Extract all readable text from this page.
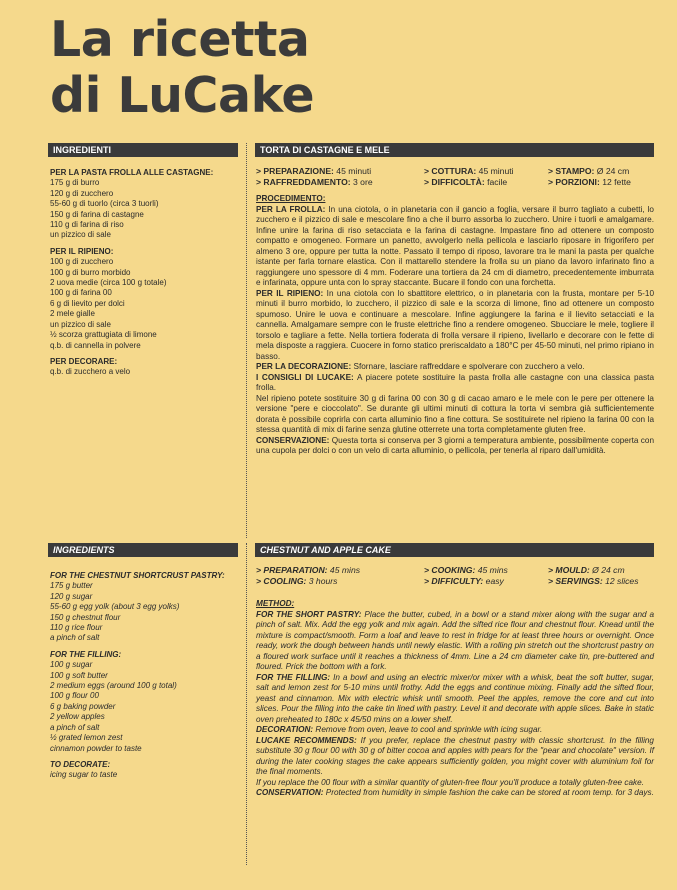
La ricetta
di LuCake
INGREDIENTI	TORTA DI CASTAGNE E MELE
PER LA PASTA FROLLA ALLE CASTAGNE:
175 g di burro
120 g di zucchero
55-60 g di tuorlo (circa 3 tuorli)
150 g di farina di castagne
110 g di farina di riso
un pizzico di sale
PER IL RIPIENO:
100 g di zucchero
100 g di burro morbido
2 uova medie (circa 100 g totale)
100 g di farina 00
6 g di lievito per dolci
2 mele gialle
un pizzico di sale
½ scorza grattugiata di limone
q.b. di cannella in polvere
PER DECORARE:
q.b. di zucchero a velo
> PREPARAZIONE: 45 minuti	> COTTURA: 45 minuti	> STAMPO: Ø 24 cm
> RAFFREDDAMENTO: 3 ore	> DIFFICOLTÀ: facile	> PORZIONI: 12 fette

PROCEDIMENTO:

PER LA FROLLA: In una ciotola, o in planetaria con il gancio a foglia, versare il burro tagliato a cubetti, lo zucchero e il pizzico di sale e mescolare fino a che il burro assorba lo zucchero. Unire i tuorli e amalgamare. Infine unire la farina di riso setacciata e la farina di castagne. Impastare fino ad ottenere un composto compatto e omogeneo. Formare un panetto, avvolgerlo nella pellicola e lasciarlo riposare in frigorifero per almeno 3 ore, oppure per tutta la notte. Passato il tempo di riposo, lavorare tra le mani la pasta per qualche istante per farla tornare elastica. Con il mattarello stendere la frolla su un piano da lavoro infarinato fino a raggiungere uno spessore di 4 mm. Foderare una tortiera da 24 cm di diametro, precedentemente imburrata e infarinata, oppure unta con lo spray staccante. Bucare il fondo con una forchetta.

PER IL RIPIENO: In una ciotola con lo sbattitore elettrico, o in planetaria con la frusta, montare per 5-10 minuti il burro morbido, lo zucchero, il pizzico di sale e la scorza di limone, fino ad ottenere un composto spumoso. Unire le uova e continuare a mescolare. Infine aggiungere la farina e il lievito setacciati e la cannella. Amalgamare sempre con le fruste elettriche fino a rendere omogeneo. Sbucciare le mele, togliere il torsolo e tagliare a fette. Nella tortiera foderata di frolla versare il ripieno, livellarlo e decorare con le fette di mela disposte a raggiera. Cuocere in forno statico preriscaldato a 180°C per 45-50 minuti, nel primo ripiano in basso.

PER LA DECORAZIONE: Sfornare, lasciare raffreddare e spolverare con zucchero a velo.

I CONSIGLI DI LUCAKE: A piacere potete sostituire la pasta frolla alle castagne con una classica pasta frolla.

Nel ripieno potete sostituire 30 g di farina 00 con 30 g di cacao amaro e le mele con le pere per ottenere la versione "pere e cioccolato". Se durante gli ultimi minuti di cottura la torta vi sembra già sufficientemente dorata è possibile coprirla con carta alluminio fino a fine cottura. Se sostituirete nel ripieno la farina 00 con la stessa quantità di mix di farine senza glutine otterrete una torta completamente gluten free.

CONSERVAZIONE: Questa torta si conserva per 3 giorni a temperatura ambiente, possibilmente coperta con una cupola per dolci o con un velo di carta alluminio, o pellicola, per tenerla al riparo dall'umidità.

INGREDIENTS	CHESTNUT AND APPLE CAKE
FOR THE CHESTNUT SHORTCRUST PASTRY:
175 g butter
120 g sugar
55-60 g egg yolk (about 3 egg yolks)
150 g chestnut flour
110 g rice flour
a pinch of salt
FOR THE FILLING:
100 g sugar
100 g soft butter
2 medium eggs (around 100 g total)
100 g flour 00
6 g baking powder
2 yellow apples
a pinch of salt
½ grated lemon zest
cinnamon powder to taste
TO DECORATE:
icing sugar to taste
> PREPARATION: 45 mins	> COOKING: 45 mins	> MOULD: Ø 24 cm
> COOLING: 3 hours	> DIFFICULTY: easy	> SERVINGS: 12 slices

METHOD:

FOR THE SHORT PASTRY: Place the butter, cubed, in a bowl or a stand mixer along with the sugar and a pinch of salt. Mix. Add the egg yolk and mix again. Add the sifted rice flour and chestnut flour. Knead until the mixture is compact/smooth. Form a loaf and leave to rest in fridge for at least three hours or overnight. Once ready, work the dough between hands until newly elastic. With a rolling pin stretch out the shortcrust pastry on a floured work surface until it reaches a thickness of 4mm. Line a 24 cm diameter cake tin, pre-buttered and floured. Prick the bottom with a fork.

FOR THE FILLING: In a bowl and using an electric mixer/or mixer with a whisk, beat the soft butter, sugar, salt and lemon zest for 5-10 mins until frothy. Add the eggs and continue mixing. Finally add the sifted flour, yeast and cinnamon. Mix with electric whisk until smooth. Peel the apples, remove the core and cut into slices. Pour the filling into the cake tin lined with pastry. Level it and decorate with apple slices. Bake in static oven preheated to 180c x 45/50 mins on a lower shelf.

DECORATION: Remove from oven, leave to cool and sprinkle with icing sugar.

LUCAKE RECOMMENDS: If you prefer, replace the chestnut pastry with classic shortcrust. In the filling substitute 30 g flour 00 with 30 g of bitter cocoa and apples with pears for the "pear and chocolate" version. If during the later cooking stages the cake appears sufficiently golden, you might cover with aluminium foil for the final moments.

If you replace the 00 flour with a similar quantity of gluten-free flour you'll produce a totally gluten-free cake.

CONSERVATION: Protected from humidity in simple fashion the cake can be stored at room temp. for 3 days.
